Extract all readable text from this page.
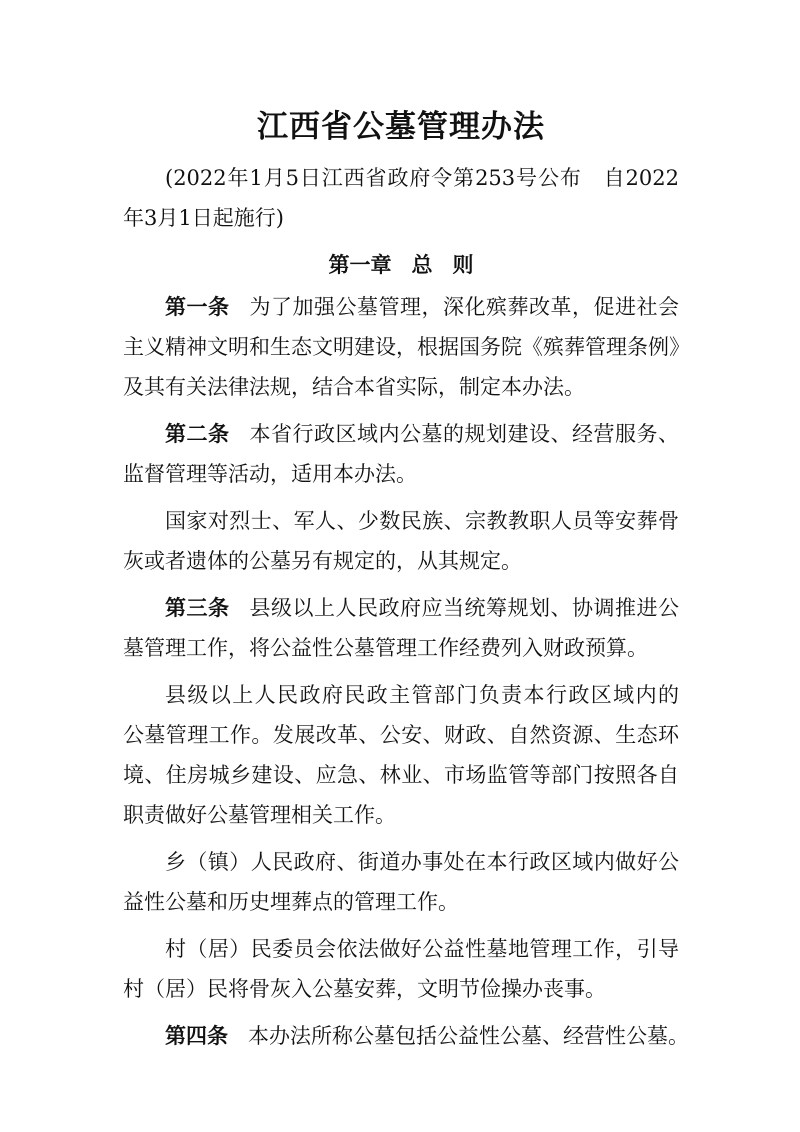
江西省公墓管理办法
(2022年1月5日江西省政府令第253号公布　自2022
年3月1日起施行)
第一章 总 则
第一条 为了加强公墓管理，深化殡葬改革，促进社会
主义精神文明和生态文明建设，根据国务院《殡葬管理条例》
及其有关法律法规，结合本省实际，制定本办法。
第二条 本省行政区域内公墓的规划建设、经营服务、
监督管理等活动，适用本办法。
国家对烈士、军人、少数民族、宗教教职人员等安葬骨
灰或者遗体的公墓另有规定的，从其规定。
第三条 县级以上人民政府应当统筹规划、协调推进公
墓管理工作，将公益性公墓管理工作经费列入财政预算。
县级以上人民政府民政主管部门负责本行政区域内的
公墓管理工作。发展改革、公安、财政、自然资源、生态环
境、住房城乡建设、应急、林业、市场监管等部门按照各自
职责做好公墓管理相关工作。
乡（镇）人民政府、街道办事处在本行政区域内做好公
益性公墓和历史埋葬点的管理工作。
村（居）民委员会依法做好公益性墓地管理工作，引导
村（居）民将骨灰入公墓安葬，文明节俭操办丧事。
第四条 本办法所称公墓包括公益性公墓、经营性公墓。
